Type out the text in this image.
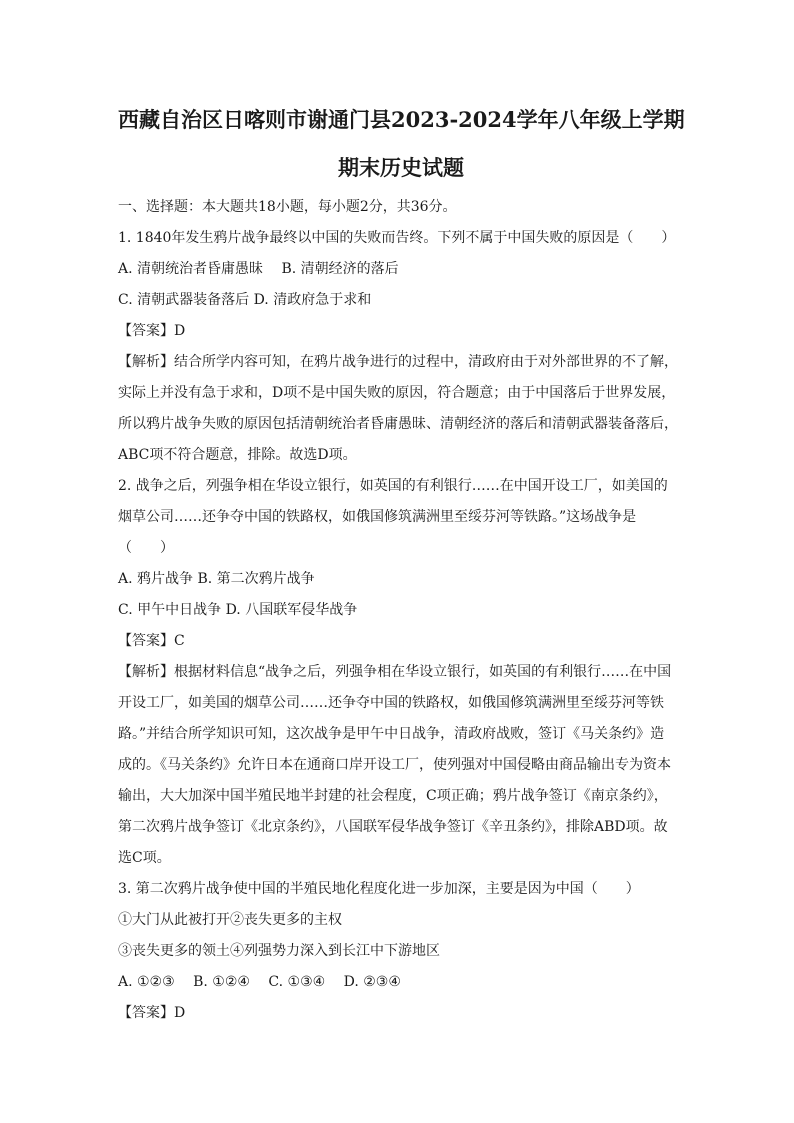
西藏自治区日喀则市谢通门县2023-2024学年八年级上学期
期末历史试题

一、选择题：本大题共18小题，每小题2分，共36分。

1. 1840年发生鸦片战争最终以中国的失败而告终。下列不属于中国失败的原因是（　　）

A. 清朝统治者昏庸愚昧　 B. 清朝经济的落后

C. 清朝武器装备落后 D. 清政府急于求和

【答案】D

【解析】结合所学内容可知，在鸦片战争进行的过程中，清政府由于对外部世界的不了解，

实际上并没有急于求和，D项不是中国失败的原因，符合题意；由于中国落后于世界发展，

所以鸦片战争失败的原因包括清朝统治者昏庸愚昧、清朝经济的落后和清朝武器装备落后，

ABC项不符合题意，排除。故选D项。

2. 战争之后，列强争相在华设立银行，如英国的有利银行……在中国开设工厂，如美国的

烟草公司……还争夺中国的铁路权，如俄国修筑满洲里至绥芬河等铁路。”这场战争是

（　　）

A. 鸦片战争 B. 第二次鸦片战争

C. 甲午中日战争 D. 八国联军侵华战争

【答案】C

【解析】根据材料信息“战争之后，列强争相在华设立银行，如英国的有利银行……在中国

开设工厂，如美国的烟草公司……还争夺中国的铁路权，如俄国修筑满洲里至绥芬河等铁

路。”并结合所学知识可知，这次战争是甲午中日战争，清政府战败，签订《马关条约》造

成的。《马关条约》允许日本在通商口岸开设工厂，使列强对中国侵略由商品输出专为资本

输出，大大加深中国半殖民地半封建的社会程度，C项正确；鸦片战争签订《南京条约》，

第二次鸦片战争签订《北京条约》，八国联军侵华战争签订《辛丑条约》，排除ABD项。故

选C项。

3. 第二次鸦片战争使中国的半殖民地化程度化进一步加深，主要是因为中国（　　）

①大门从此被打开②丧失更多的主权

③丧失更多的领土④列强势力深入到长江中下游地区

A. ①②③　 B. ①②④　 C. ①③④　 D. ②③④

【答案】D
